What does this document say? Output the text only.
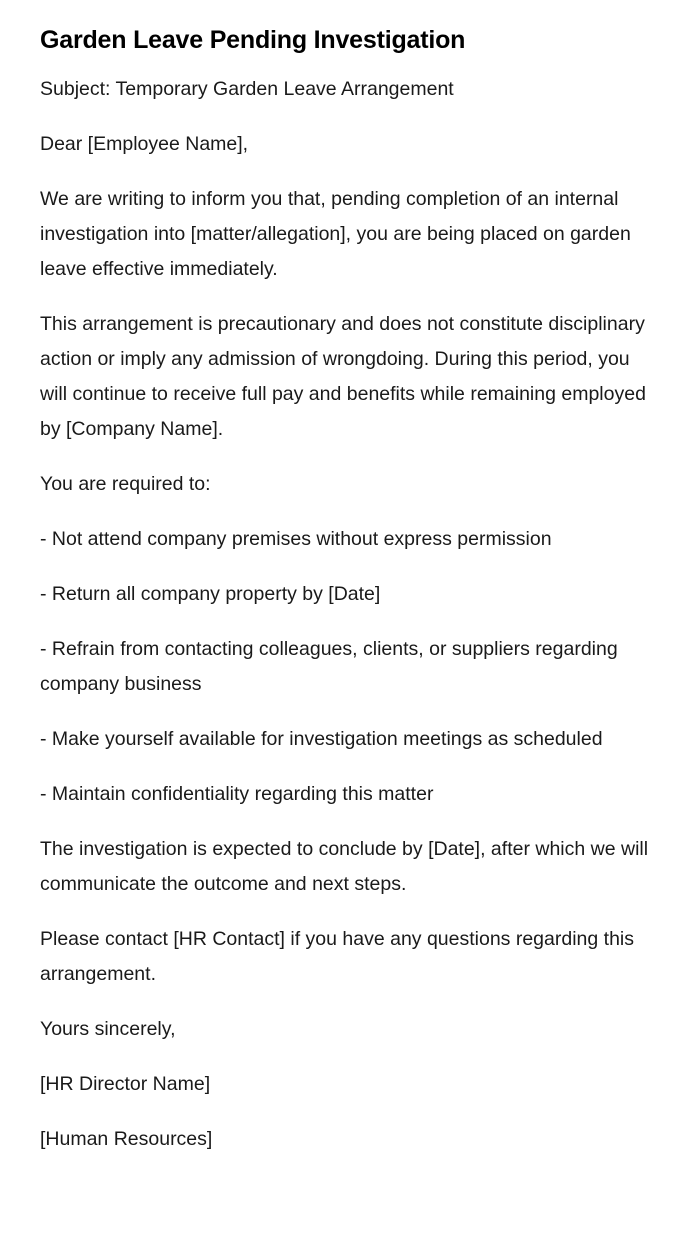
Garden Leave Pending Investigation

Subject: Temporary Garden Leave Arrangement

Dear [Employee Name],

We are writing to inform you that, pending completion of an internal investigation into [matter/allegation], you are being placed on garden leave effective immediately.

This arrangement is precautionary and does not constitute disciplinary action or imply any admission of wrongdoing. During this period, you will continue to receive full pay and benefits while remaining employed by [Company Name].

You are required to:

- Not attend company premises without express permission

- Return all company property by [Date]

- Refrain from contacting colleagues, clients, or suppliers regarding company business

- Make yourself available for investigation meetings as scheduled

- Maintain confidentiality regarding this matter

The investigation is expected to conclude by [Date], after which we will communicate the outcome and next steps.

Please contact [HR Contact] if you have any questions regarding this arrangement.

Yours sincerely,

[HR Director Name]

[Human Resources]
